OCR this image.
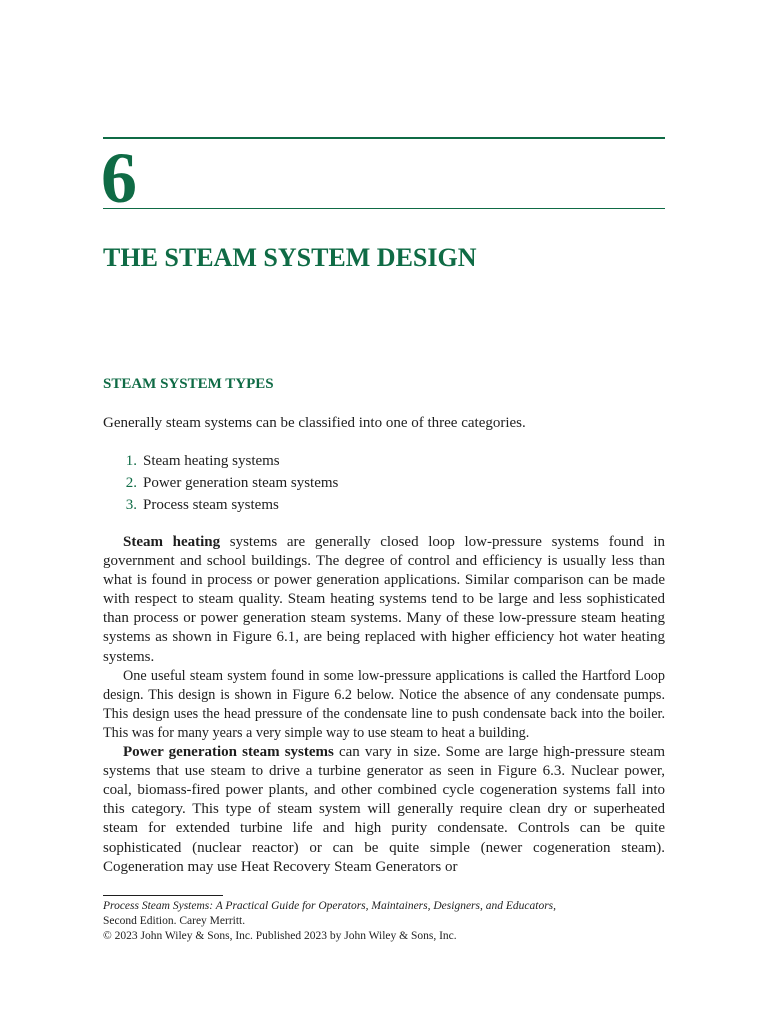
6
THE STEAM SYSTEM DESIGN
STEAM SYSTEM TYPES

Generally steam systems can be classified into one of three categories.

1. Steam heating systems
2. Power generation steam systems
3. Process steam systems

Steam heating systems are generally closed loop low-pressure systems found in government and school buildings. The degree of control and efficiency is usually less than what is found in process or power generation applications. Similar comparison can be made with respect to steam quality. Steam heating systems tend to be large and less sophisticated than process or power generation steam systems. Many of these low-pressure steam heating systems as shown in Figure 6.1, are being replaced with higher efficiency hot water heating systems.

One useful steam system found in some low-pressure applications is called the Hartford Loop design. This design is shown in Figure 6.2 below. Notice the absence of any condensate pumps. This design uses the head pressure of the condensate line to push condensate back into the boiler. This was for many years a very simple way to use steam to heat a building.

Power generation steam systems can vary in size. Some are large high-pressure steam systems that use steam to drive a turbine generator as seen in Figure 6.3. Nuclear power, coal, biomass-fired power plants, and other combined cycle cogeneration systems fall into this category. This type of steam system will generally require clean dry or superheated steam for extended turbine life and high purity condensate. Controls can be quite sophisticated (nuclear reactor) or can be quite simple (newer cogeneration steam). Cogeneration may use Heat Recovery Steam Generators or

Process Steam Systems: A Practical Guide for Operators, Maintainers, Designers, and Educators,
Second Edition. Carey Merritt.
© 2023 John Wiley & Sons, Inc. Published 2023 by John Wiley & Sons, Inc.
